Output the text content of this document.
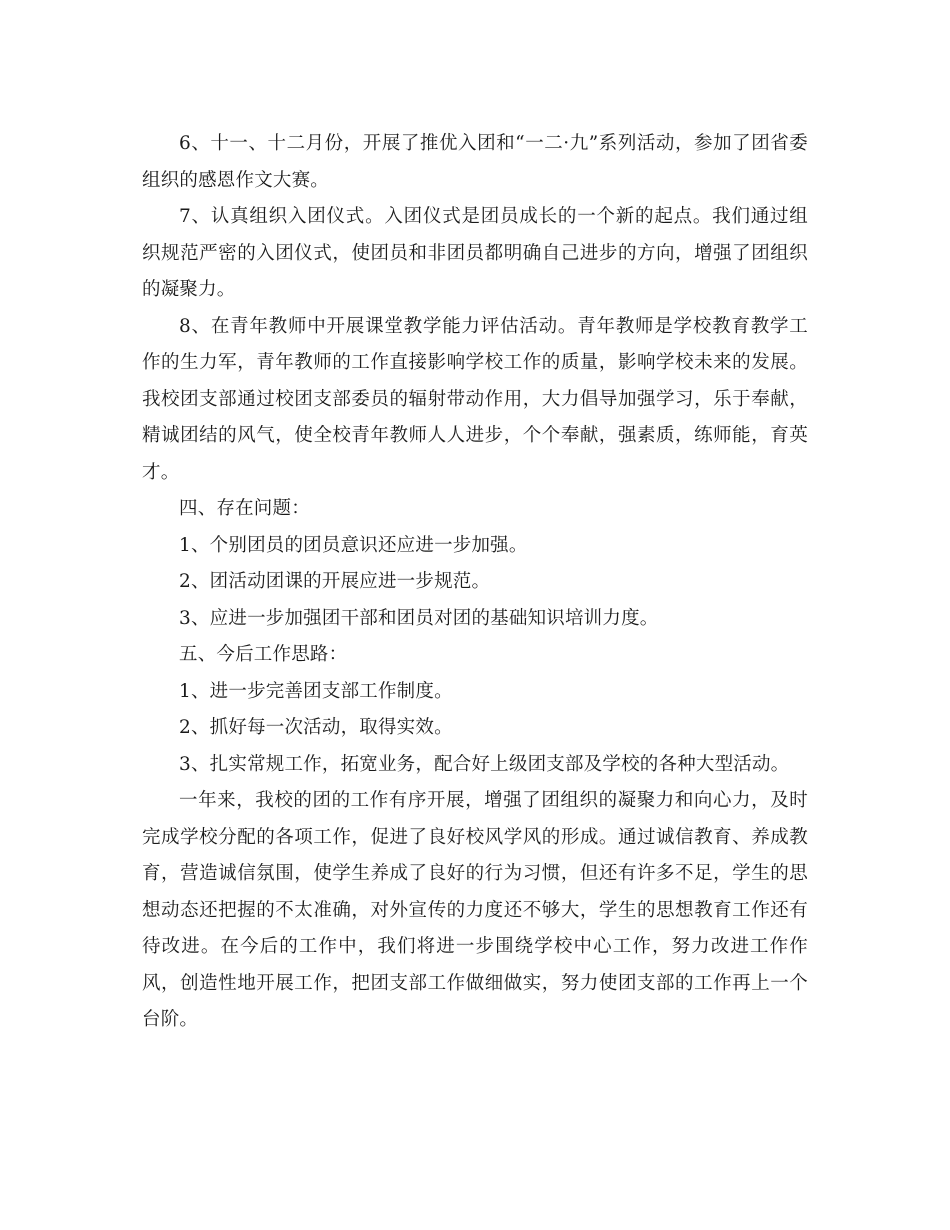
6、十一、十二月份，开展了推优入团和“一二·九”系列活动，参加了团省委组织的感恩作文大赛。

7、认真组织入团仪式。入团仪式是团员成长的一个新的起点。我们通过组织规范严密的入团仪式，使团员和非团员都明确自己进步的方向，增强了团组织的凝聚力。

8、在青年教师中开展课堂教学能力评估活动。青年教师是学校教育教学工作的生力军，青年教师的工作直接影响学校工作的质量，影响学校未来的发展。我校团支部通过校团支部委员的辐射带动作用，大力倡导加强学习，乐于奉献，精诚团结的风气，使全校青年教师人人进步，个个奉献，强素质，练师能，育英才。

四、存在问题：

1、个别团员的团员意识还应进一步加强。

2、团活动团课的开展应进一步规范。

3、应进一步加强团干部和团员对团的基础知识培训力度。

五、今后工作思路：

1、进一步完善团支部工作制度。

2、抓好每一次活动，取得实效。

3、扎实常规工作，拓宽业务，配合好上级团支部及学校的各种大型活动。

一年来，我校的团的工作有序开展，增强了团组织的凝聚力和向心力，及时完成学校分配的各项工作，促进了良好校风学风的形成。通过诚信教育、养成教育，营造诚信氛围，使学生养成了良好的行为习惯，但还有许多不足，学生的思想动态还把握的不太准确，对外宣传的力度还不够大，学生的思想教育工作还有待改进。在今后的工作中，我们将进一步围绕学校中心工作，努力改进工作作风，创造性地开展工作，把团支部工作做细做实，努力使团支部的工作再上一个台阶。
